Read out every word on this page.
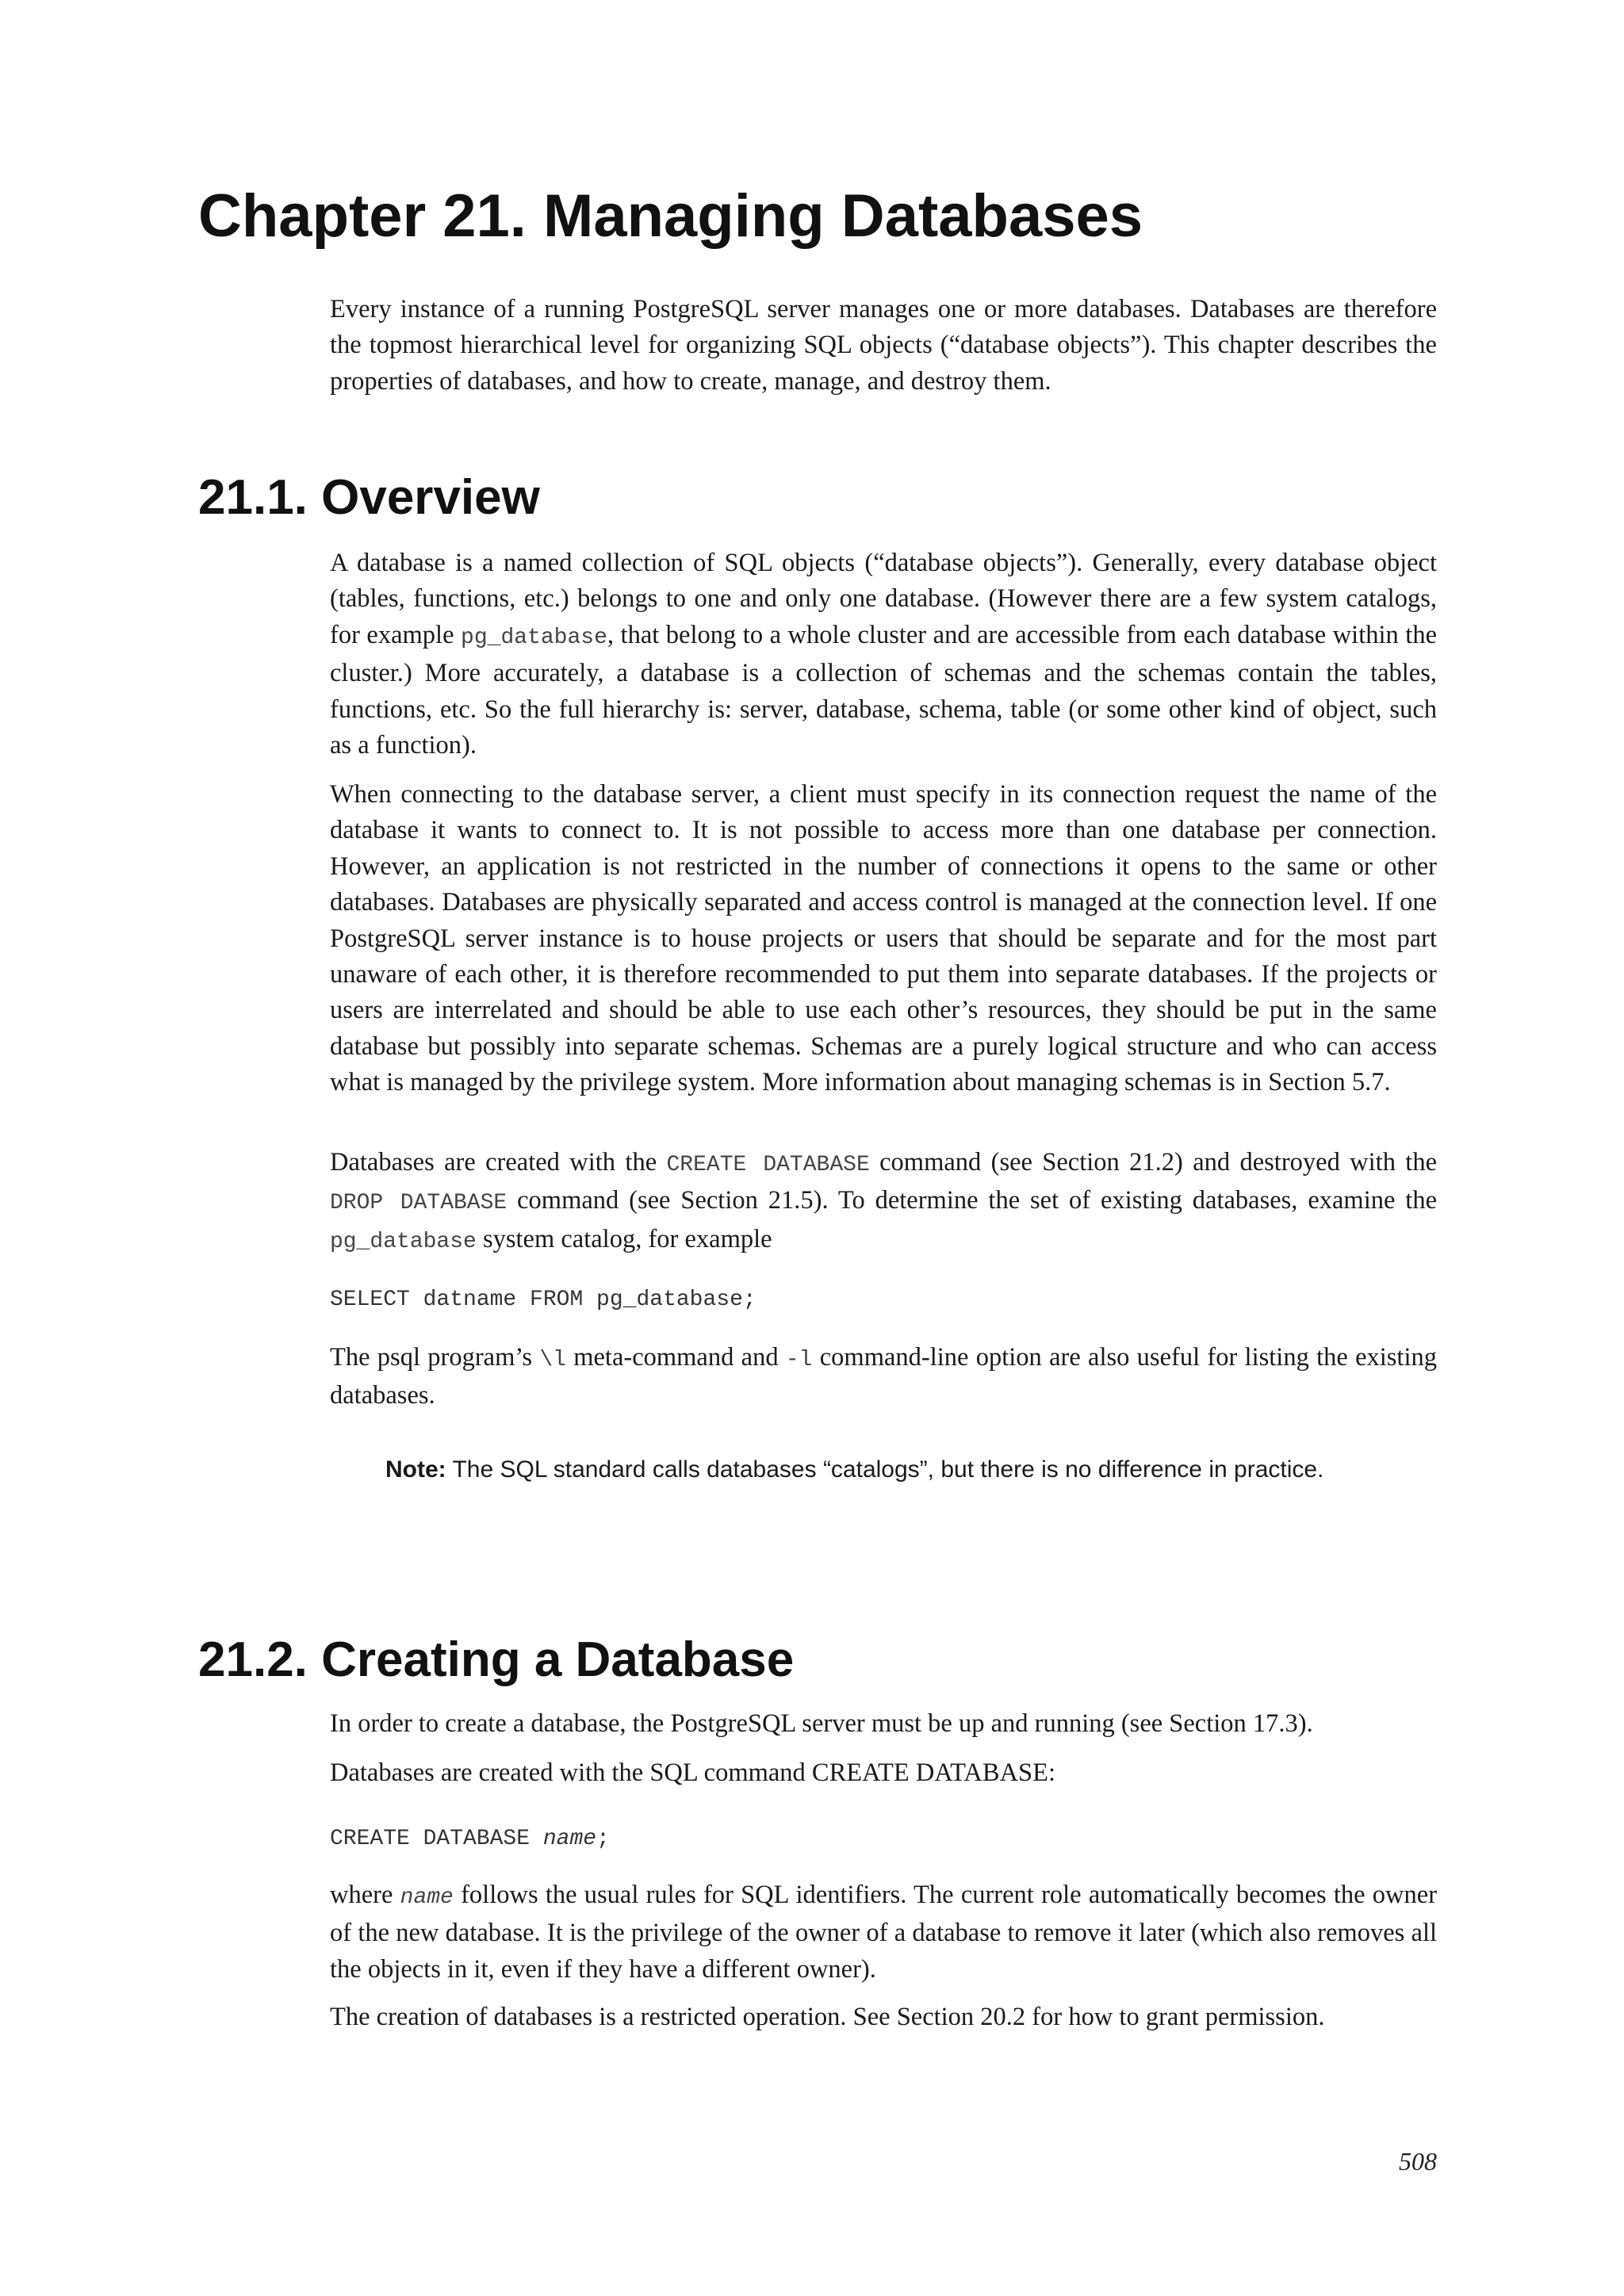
Chapter 21. Managing Databases

Every instance of a running PostgreSQL server manages one or more databases. Databases are therefore the topmost hierarchical level for organizing SQL objects (“database objects”). This chapter describes the properties of databases, and how to create, manage, and destroy them.

21.1. Overview

A database is a named collection of SQL objects (“database objects”). Generally, every database object (tables, functions, etc.) belongs to one and only one database. (However there are a few system catalogs, for example pg_database, that belong to a whole cluster and are accessible from each database within the cluster.) More accurately, a database is a collection of schemas and the schemas contain the tables, functions, etc. So the full hierarchy is: server, database, schema, table (or some other kind of object, such as a function).

When connecting to the database server, a client must specify in its connection request the name of the database it wants to connect to. It is not possible to access more than one database per connection. However, an application is not restricted in the number of connections it opens to the same or other databases. Databases are physically separated and access control is managed at the connection level. If one PostgreSQL server instance is to house projects or users that should be separate and for the most part unaware of each other, it is therefore recommended to put them into separate databases. If the projects or users are interrelated and should be able to use each other’s resources, they should be put in the same database but possibly into separate schemas. Schemas are a purely logical structure and who can access what is managed by the privilege system. More information about managing schemas is in Section 5.7.

Databases are created with the CREATE DATABASE command (see Section 21.2) and destroyed with the DROP DATABASE command (see Section 21.5). To determine the set of existing databases, examine the pg_database system catalog, for example

SELECT datname FROM pg_database;

The psql program’s \l meta-command and -l command-line option are also useful for listing the existing databases.

Note: The SQL standard calls databases “catalogs”, but there is no difference in practice.

21.2. Creating a Database

In order to create a database, the PostgreSQL server must be up and running (see Section 17.3).

Databases are created with the SQL command CREATE DATABASE:

CREATE DATABASE name;

where name follows the usual rules for SQL identifiers. The current role automatically becomes the owner of the new database. It is the privilege of the owner of a database to remove it later (which also removes all the objects in it, even if they have a different owner).

The creation of databases is a restricted operation. See Section 20.2 for how to grant permission.

508
